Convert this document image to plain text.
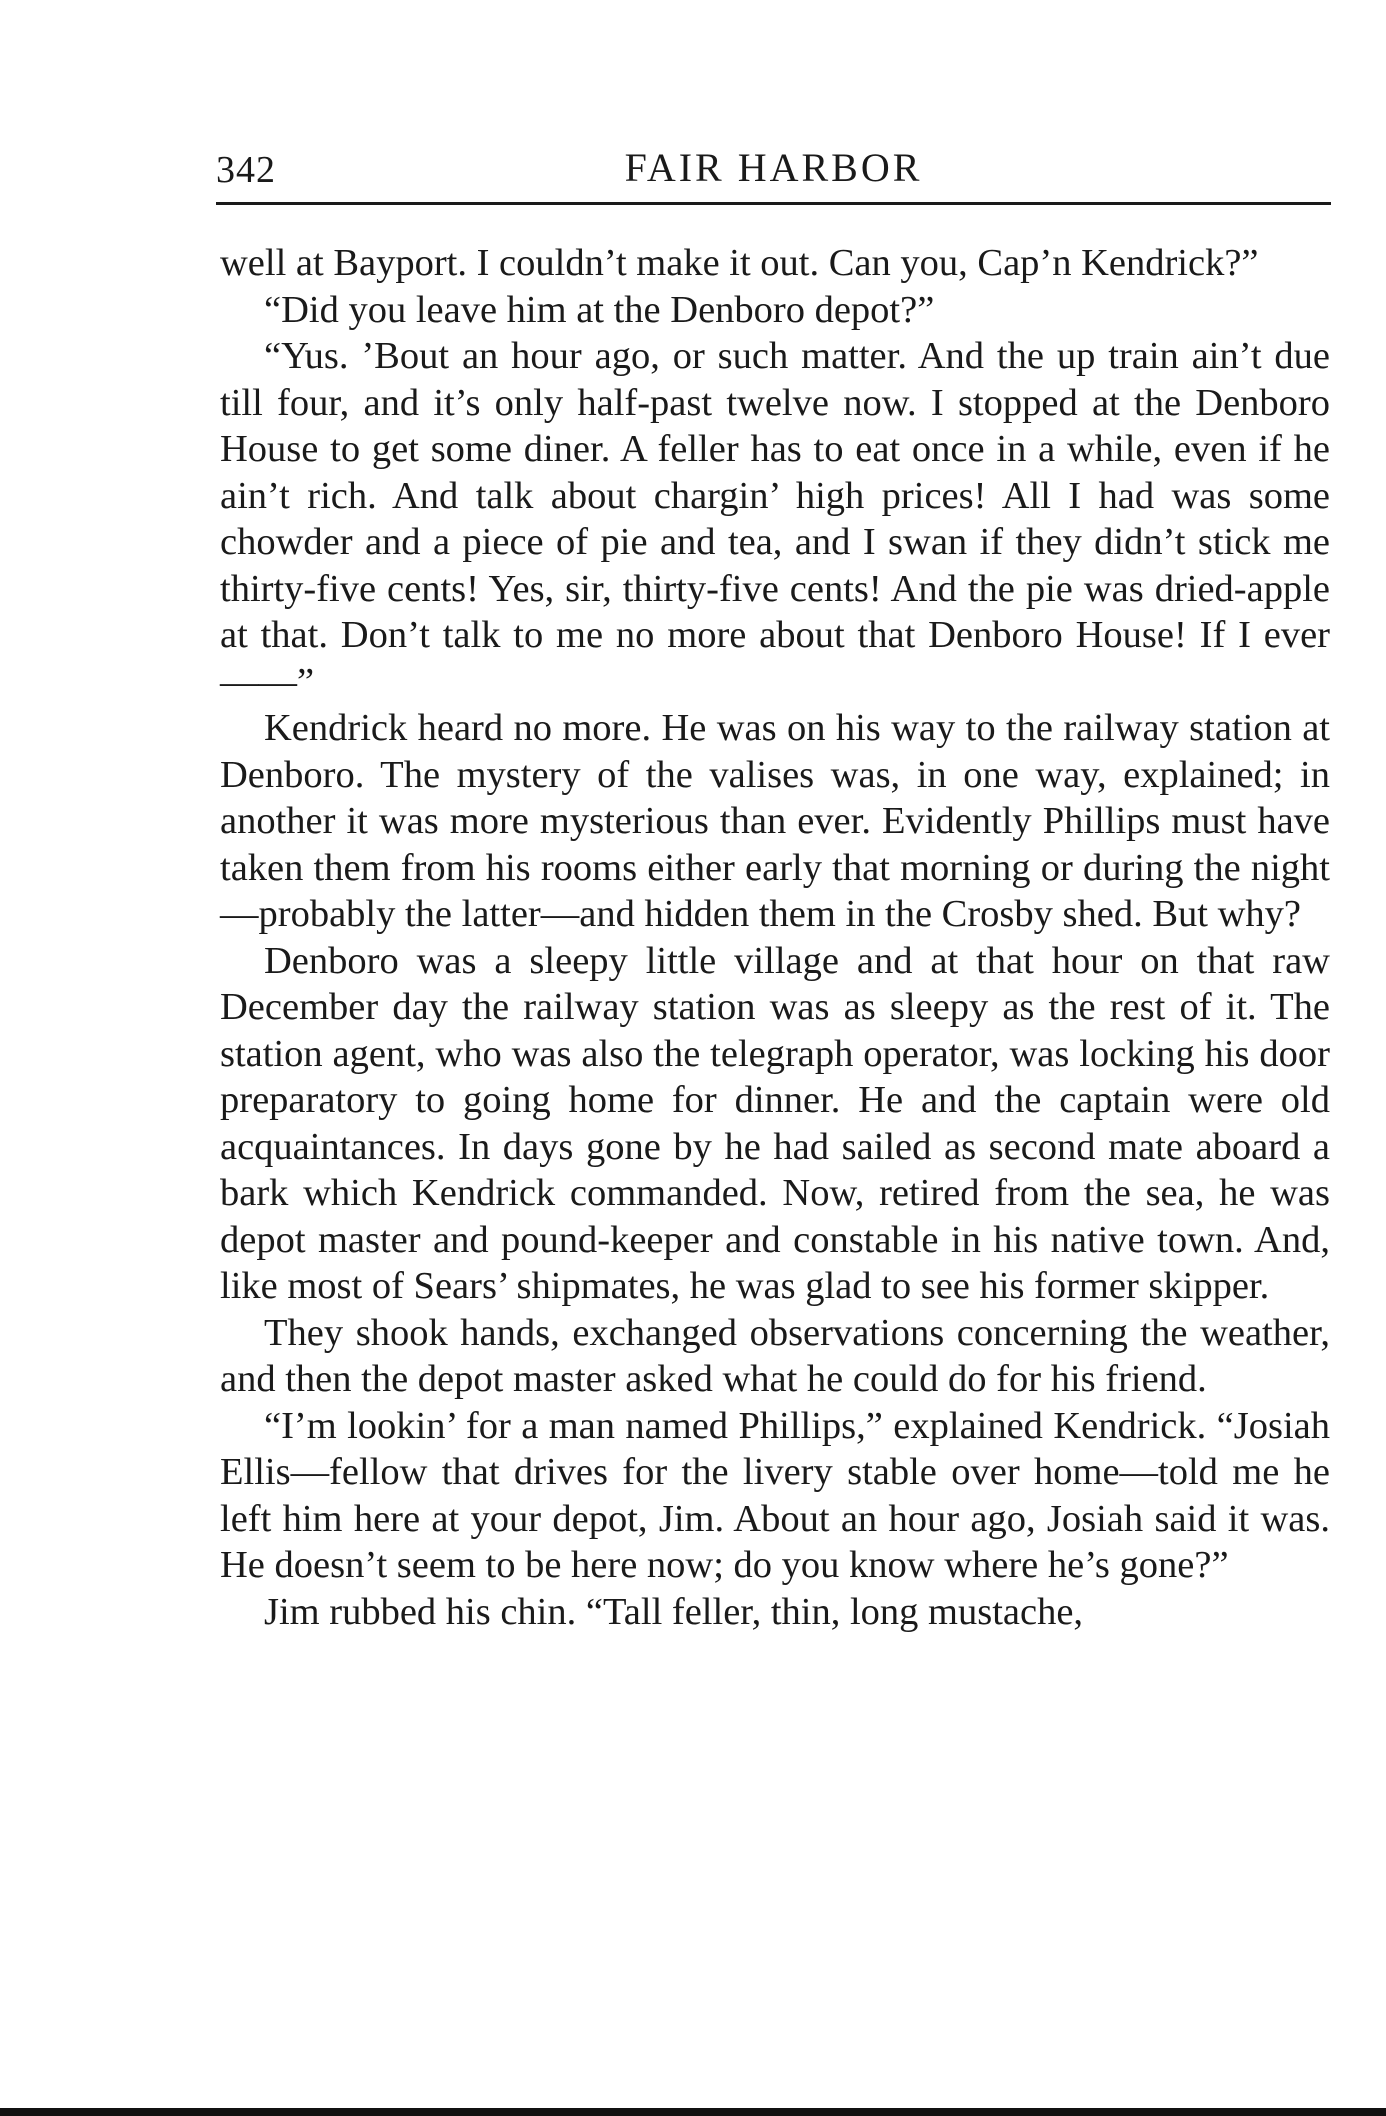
342	FAIR HARBOR

well at Bayport. I couldn’t make it out. Can you, Cap’n Kendrick?”

“Did you leave him at the Denboro depot?”

“Yus. ’Bout an hour ago, or such matter. And the up train ain’t due till four, and it’s only half-past twelve now. I stopped at the Denboro House to get some diner. A feller has to eat once in a while, even if he ain’t rich. And talk about chargin’ high prices! All I had was some chowder and a piece of pie and tea, and I swan if they didn’t stick me thirty-five cents! Yes, sir, thirty-five cents! And the pie was dried-apple at that. Don’t talk to me no more about that Denboro House! If I ever——”

Kendrick heard no more. He was on his way to the railway station at Denboro. The mystery of the valises was, in one way, explained; in another it was more mysterious than ever. Evidently Phillips must have taken them from his rooms either early that morning or during the night —probably the latter—and hidden them in the Crosby shed. But why?

Denboro was a sleepy little village and at that hour on that raw December day the railway station was as sleepy as the rest of it. The station agent, who was also the telegraph operator, was locking his door preparatory to going home for dinner. He and the captain were old acquaintances. In days gone by he had sailed as second mate aboard a bark which Kendrick commanded. Now, retired from the sea, he was depot master and pound-keeper and constable in his native town. And, like most of Sears’ shipmates, he was glad to see his former skipper.

They shook hands, exchanged observations concerning the weather, and then the depot master asked what he could do for his friend.

“I’m lookin’ for a man named Phillips,” explained Kendrick. “Josiah Ellis—fellow that drives for the livery stable over home—told me he left him here at your depot, Jim. About an hour ago, Josiah said it was. He doesn’t seem to be here now; do you know where he’s gone?”

Jim rubbed his chin. “Tall feller, thin, long mustache,
